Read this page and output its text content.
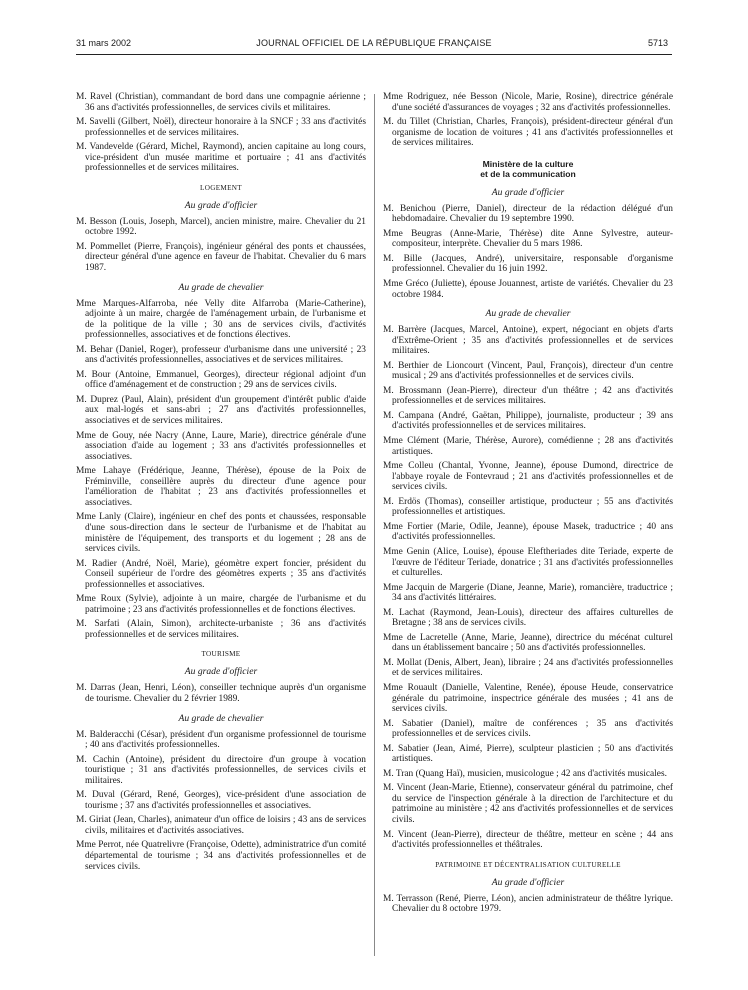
31 mars 2002	JOURNAL OFFICIEL DE LA RÉPUBLIQUE FRANÇAISE	5713

M. Ravel (Christian), commandant de bord dans une compagnie aérienne ; 36 ans d'activités professionnelles, de services civils et militaires.

M. Savelli (Gilbert, Noël), directeur honoraire à la SNCF ; 33 ans d'activités professionnelles et de services militaires.

M. Vandevelde (Gérard, Michel, Raymond), ancien capitaine au long cours, vice-président d'un musée maritime et portuaire ; 41 ans d'activités professionnelles et de services militaires.

LOGEMENT
Au grade d'officier

M. Besson (Louis, Joseph, Marcel), ancien ministre, maire. Chevalier du 21 octobre 1992.

M. Pommellet (Pierre, François), ingénieur général des ponts et chaussées, directeur général d'une agence en faveur de l'habitat. Chevalier du 6 mars 1987.

Au grade de chevalier

Mme Marques-Alfarroba, née Velly dite Alfarroba (Marie-Catherine), adjointe à un maire, chargée de l'aménagement urbain, de l'urbanisme et de la politique de la ville ; 30 ans de services civils, d'activités professionnelles, associatives et de fonctions électives.

M. Behar (Daniel, Roger), professeur d'urbanisme dans une université ; 23 ans d'activités professionnelles, associatives et de services militaires.

M. Bour (Antoine, Emmanuel, Georges), directeur régional adjoint d'un office d'aménagement et de construction ; 29 ans de services civils.

M. Duprez (Paul, Alain), président d'un groupement d'intérêt public d'aide aux mal-logés et sans-abri ; 27 ans d'activités professionnelles, associatives et de services militaires.

Mme de Gouy, née Nacry (Anne, Laure, Marie), directrice générale d'une association d'aide au logement ; 33 ans d'activités professionnelles et associatives.

Mme Lahaye (Frédérique, Jeanne, Thérèse), épouse de la Poix de Fréminville, conseillère auprès du directeur d'une agence pour l'amélioration de l'habitat ; 23 ans d'activités professionnelles et associatives.

Mme Lanly (Claire), ingénieur en chef des ponts et chaussées, responsable d'une sous-direction dans le secteur de l'urbanisme et de l'habitat au ministère de l'équipement, des transports et du logement ; 28 ans de services civils.

M. Radier (André, Noël, Marie), géomètre expert foncier, président du Conseil supérieur de l'ordre des géomètres experts ; 35 ans d'activités professionnelles et associatives.

Mme Roux (Sylvie), adjointe à un maire, chargée de l'urbanisme et du patrimoine ; 23 ans d'activités professionnelles et de fonctions électives.

M. Sarfati (Alain, Simon), architecte-urbaniste ; 36 ans d'activités professionnelles et de services militaires.

TOURISME
Au grade d'officier

M. Darras (Jean, Henri, Léon), conseiller technique auprès d'un organisme de tourisme. Chevalier du 2 février 1989.

Au grade de chevalier

M. Balderacchi (César), président d'un organisme professionnel de tourisme ; 40 ans d'activités professionnelles.

M. Cachin (Antoine), président du directoire d'un groupe à vocation touristique ; 31 ans d'activités professionnelles, de services civils et militaires.

M. Duval (Gérard, René, Georges), vice-président d'une association de tourisme ; 37 ans d'activités professionnelles et associatives.

M. Giriat (Jean, Charles), animateur d'un office de loisirs ; 43 ans de services civils, militaires et d'activités associatives.

Mme Perrot, née Quatrelivre (Françoise, Odette), administratrice d'un comité départemental de tourisme ; 34 ans d'activités professionnelles et de services civils.

Mme Rodriguez, née Besson (Nicole, Marie, Rosine), directrice générale d'une société d'assurances de voyages ; 32 ans d'activités professionnelles.

M. du Tillet (Christian, Charles, François), président-directeur général d'un organisme de location de voitures ; 41 ans d'activités professionnelles et de services militaires.

Ministère de la culture
et de la communication
Au grade d'officier

M. Benichou (Pierre, Daniel), directeur de la rédaction délégué d'un hebdomadaire. Chevalier du 19 septembre 1990.

Mme Beugras (Anne-Marie, Thérèse) dite Anne Sylvestre, auteur-compositeur, interprète. Chevalier du 5 mars 1986.

M. Bille (Jacques, André), universitaire, responsable d'organisme professionnel. Chevalier du 16 juin 1992.

Mme Gréco (Juliette), épouse Jouannest, artiste de variétés. Chevalier du 23 octobre 1984.

Au grade de chevalier

M. Barrère (Jacques, Marcel, Antoine), expert, négociant en objets d'arts d'Extrême-Orient ; 35 ans d'activités professionnelles et de services militaires.

M. Berthier de Lioncourt (Vincent, Paul, François), directeur d'un centre musical ; 29 ans d'activités professionnelles et de services civils.

M. Brossmann (Jean-Pierre), directeur d'un théâtre ; 42 ans d'activités professionnelles et de services militaires.

M. Campana (André, Gaëtan, Philippe), journaliste, producteur ; 39 ans d'activités professionnelles et de services militaires.

Mme Clément (Marie, Thérèse, Aurore), comédienne ; 28 ans d'activités artistiques.

Mme Colleu (Chantal, Yvonne, Jeanne), épouse Dumond, directrice de l'abbaye royale de Fontevraud ; 21 ans d'activités professionnelles et de services civils.

M. Erdös (Thomas), conseiller artistique, producteur ; 55 ans d'activités professionnelles et artistiques.

Mme Fortier (Marie, Odile, Jeanne), épouse Masek, traductrice ; 40 ans d'activités professionnelles.

Mme Genin (Alice, Louise), épouse Eleftheriades dite Teriade, experte de l'œuvre de l'éditeur Teriade, donatrice ; 31 ans d'activités professionnelles et culturelles.

Mme Jacquin de Margerie (Diane, Jeanne, Marie), romancière, traductrice ; 34 ans d'activités littéraires.

M. Lachat (Raymond, Jean-Louis), directeur des affaires culturelles de Bretagne ; 38 ans de services civils.

Mme de Lacretelle (Anne, Marie, Jeanne), directrice du mécénat culturel dans un établissement bancaire ; 50 ans d'activités professionnelles.

M. Mollat (Denis, Albert, Jean), libraire ; 24 ans d'activités professionnelles et de services militaires.

Mme Rouault (Danielle, Valentine, Renée), épouse Heude, conservatrice générale du patrimoine, inspectrice générale des musées ; 41 ans de services civils.

M. Sabatier (Daniel), maître de conférences ; 35 ans d'activités professionnelles et de services civils.

M. Sabatier (Jean, Aimé, Pierre), sculpteur plasticien ; 50 ans d'activités artistiques.

M. Tran (Quang Haï), musicien, musicologue ; 42 ans d'activités musicales.

M. Vincent (Jean-Marie, Etienne), conservateur général du patrimoine, chef du service de l'inspection générale à la direction de l'architecture et du patrimoine au ministère ; 42 ans d'activités professionnelles et de services civils.

M. Vincent (Jean-Pierre), directeur de théâtre, metteur en scène ; 44 ans d'activités professionnelles et théâtrales.

PATRIMOINE ET DÉCENTRALISATION CULTURELLE
Au grade d'officier

M. Terrasson (René, Pierre, Léon), ancien administrateur de théâtre lyrique. Chevalier du 8 octobre 1979.
